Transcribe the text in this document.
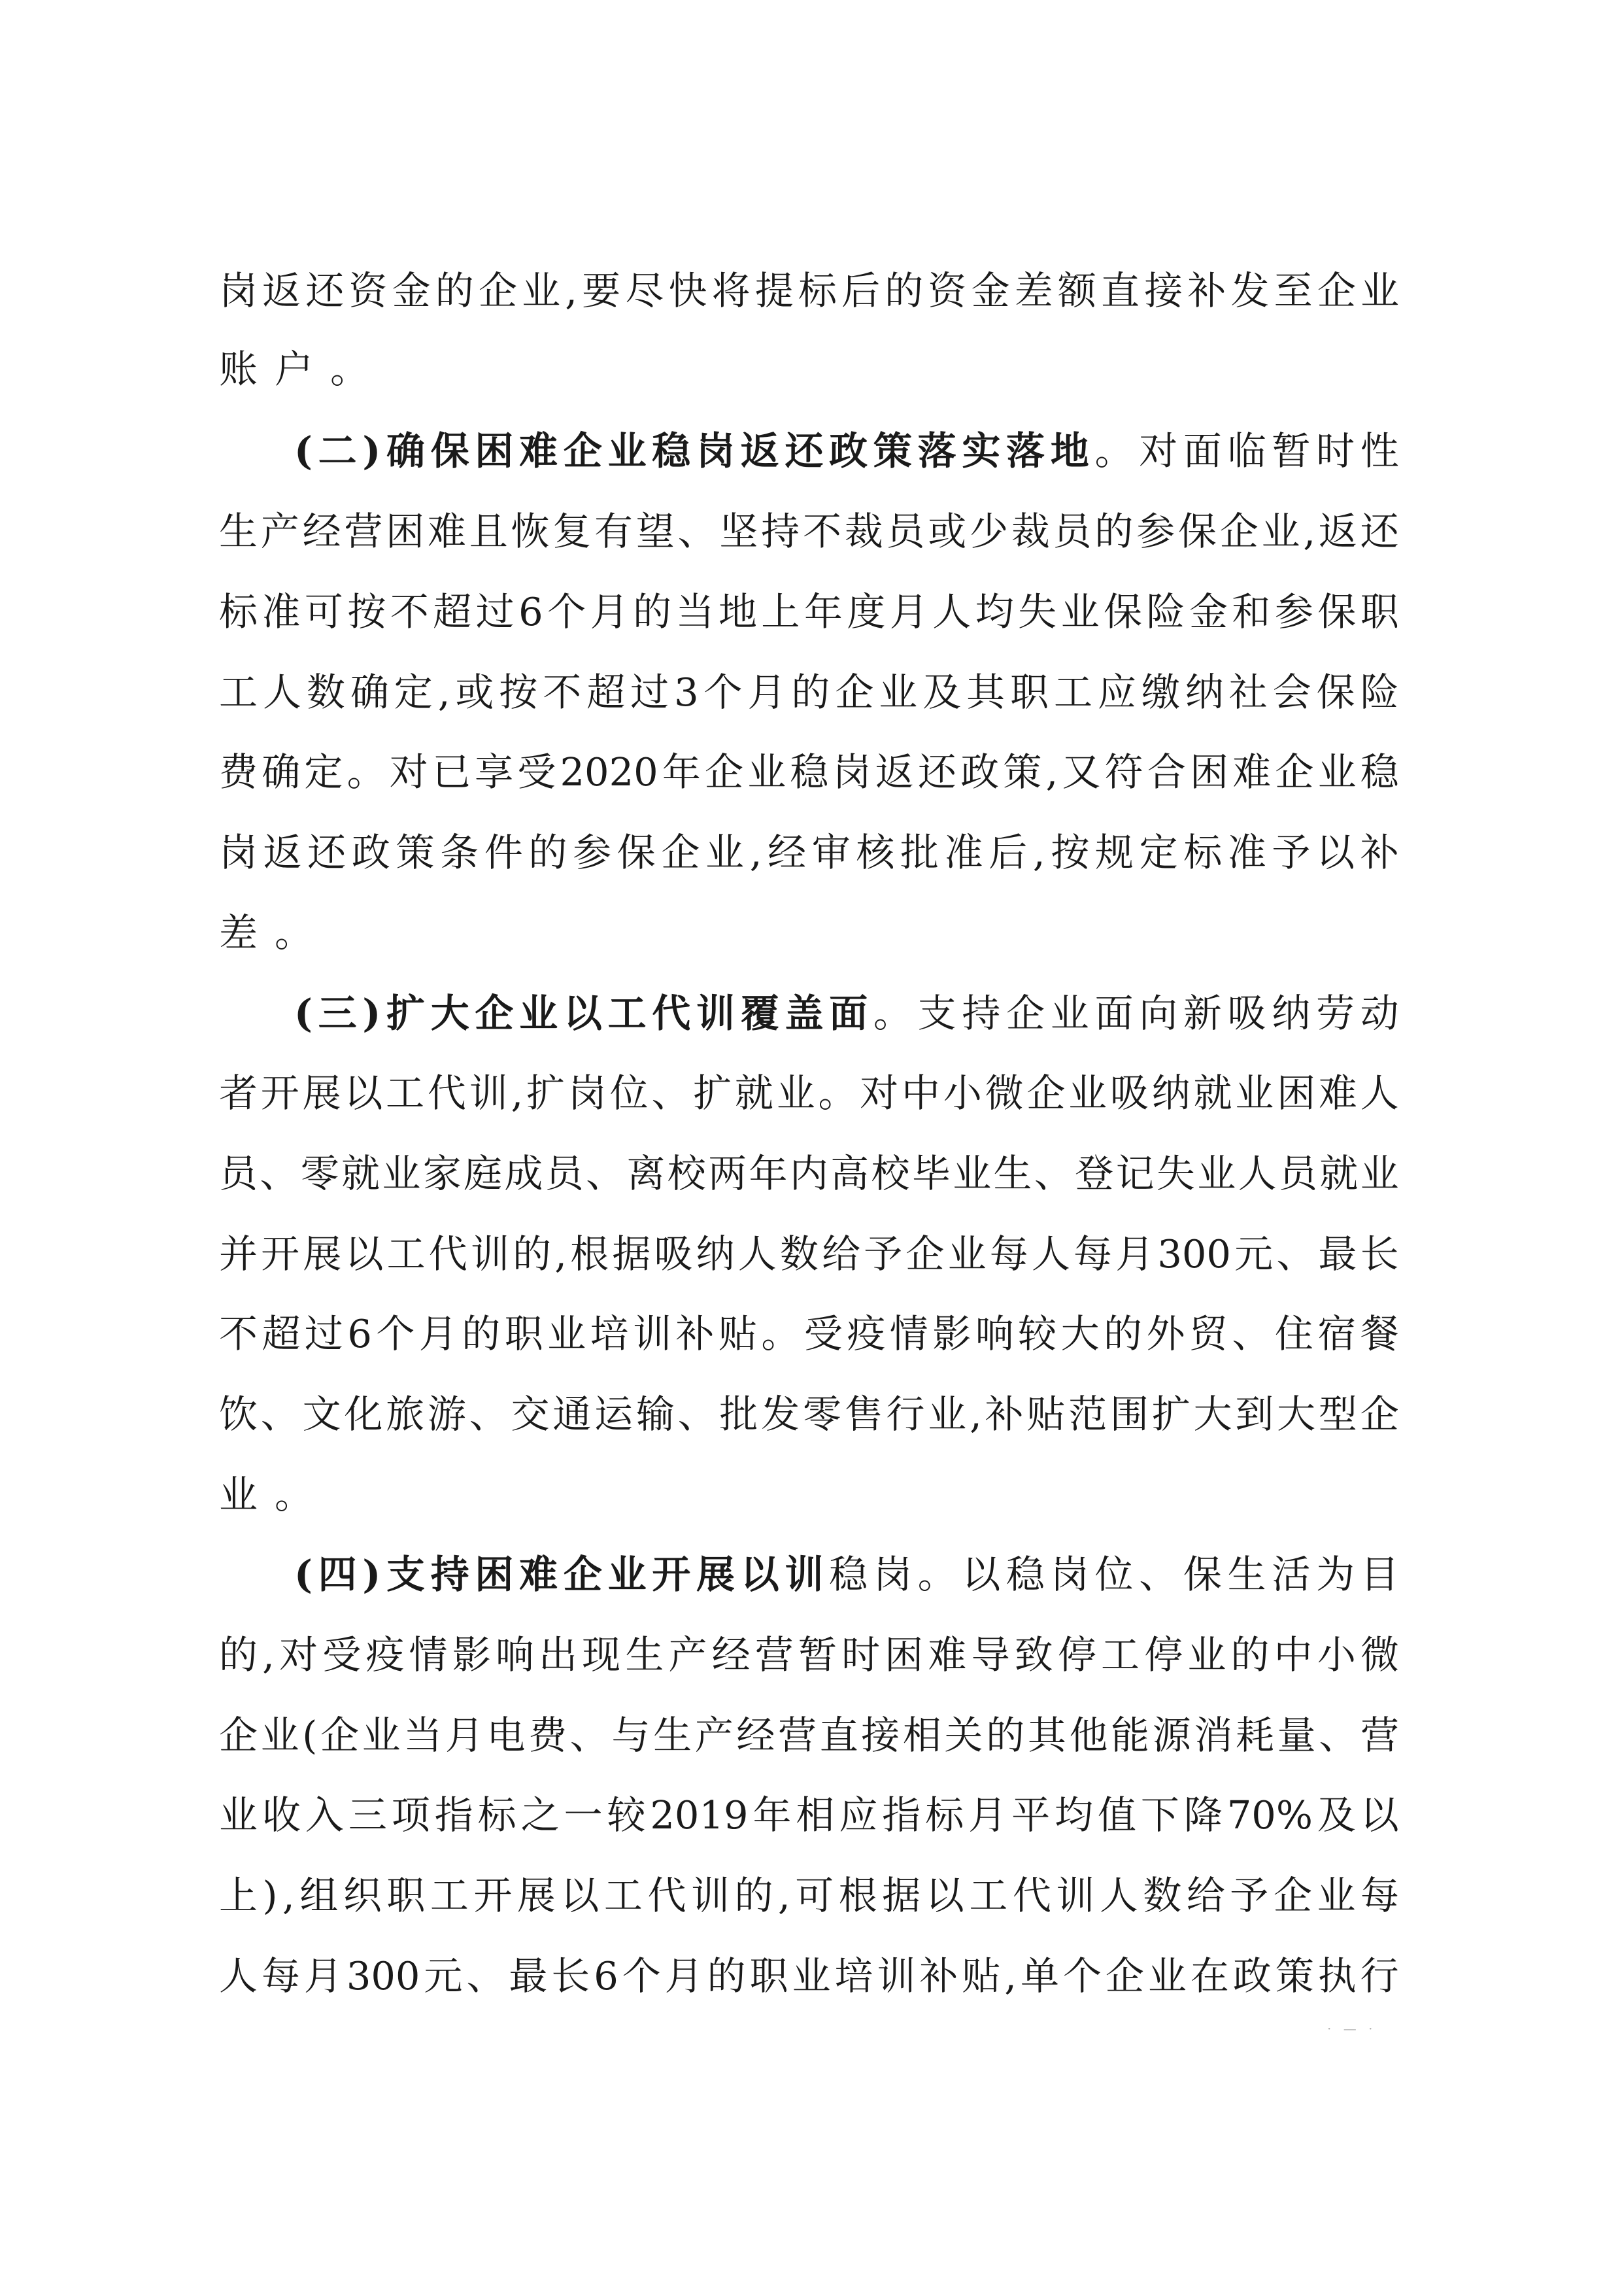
岗 返 还 资 金 的 企 业 , 要 尽 快 将 提 标 后 的 资 金 差 额 直 接 补 发 至 企 业
账 户 。
( 二 ) 确 保 困 难 企 业 稳 岗 返 还 政 策 落 实 落 地 。 对 面 临 暂 时 性
生 产 经 营 困 难 且 恢 复 有 望 、 坚 持 不 裁 员 或 少 裁 员 的 参 保 企 业 , 返 还
标 准 可 按 不 超 过 6 个 月 的 当 地 上 年 度 月 人 均 失 业 保 险 金 和 参 保 职
工 人 数 确 定 , 或 按 不 超 过 3 个 月 的 企 业 及 其 职 工 应 缴 纳 社 会 保 险
费 确 定 。 对 已 享 受 2020 年 企 业 稳 岗 返 还 政 策 , 又 符 合 困 难 企 业 稳
岗 返 还 政 策 条 件 的 参 保 企 业 , 经 审 核 批 准 后 , 按 规 定 标 准 予 以 补
差 。
( 三 ) 扩 大 企 业 以 工 代 训 覆 盖 面 。 支 持 企 业 面 向 新 吸 纳 劳 动
者 开 展 以 工 代 训 , 扩 岗 位 、 扩 就 业 。 对 中 小 微 企 业 吸 纳 就 业 困 难 人
员 、 零 就 业 家 庭 成 员 、 离 校 两 年 内 高 校 毕 业 生 、 登 记 失 业 人 员 就 业
并 开 展 以 工 代 训 的 , 根 据 吸 纳 人 数 给 予 企 业 每 人 每 月 300 元 、 最 长
不 超 过 6 个 月 的 职 业 培 训 补 贴 。 受 疫 情 影 响 较 大 的 外 贸 、 住 宿 餐
饮 、 文 化 旅 游 、 交 通 运 输 、 批 发 零 售 行 业 , 补 贴 范 围 扩 大 到 大 型 企
业 。
( 四 ) 支 持 困 难 企 业 开 展 以 训 稳 岗 。 以 稳 岗 位 、 保 生 活 为 目
的 , 对 受 疫 情 影 响 出 现 生 产 经 营 暂 时 困 难 导 致 停 工 停 业 的 中 小 微
企 业 ( 企 业 当 月 电 费 、 与 生 产 经 营 直 接 相 关 的 其 他 能 源 消 耗 量 、 营
业 收 入 三 项 指 标 之 一 较 2019 年 相 应 指 标 月 平 均 值 下 降 70% 及 以
上 ) , 组 织 职 工 开 展 以 工 代 训 的 , 可 根 据 以 工 代 训 人 数 给 予 企 业 每
人 每 月 300 元 、 最 长 6 个 月 的 职 业 培 训 补 贴 , 单 个 企 业 在 政 策 执 行
· — ·
